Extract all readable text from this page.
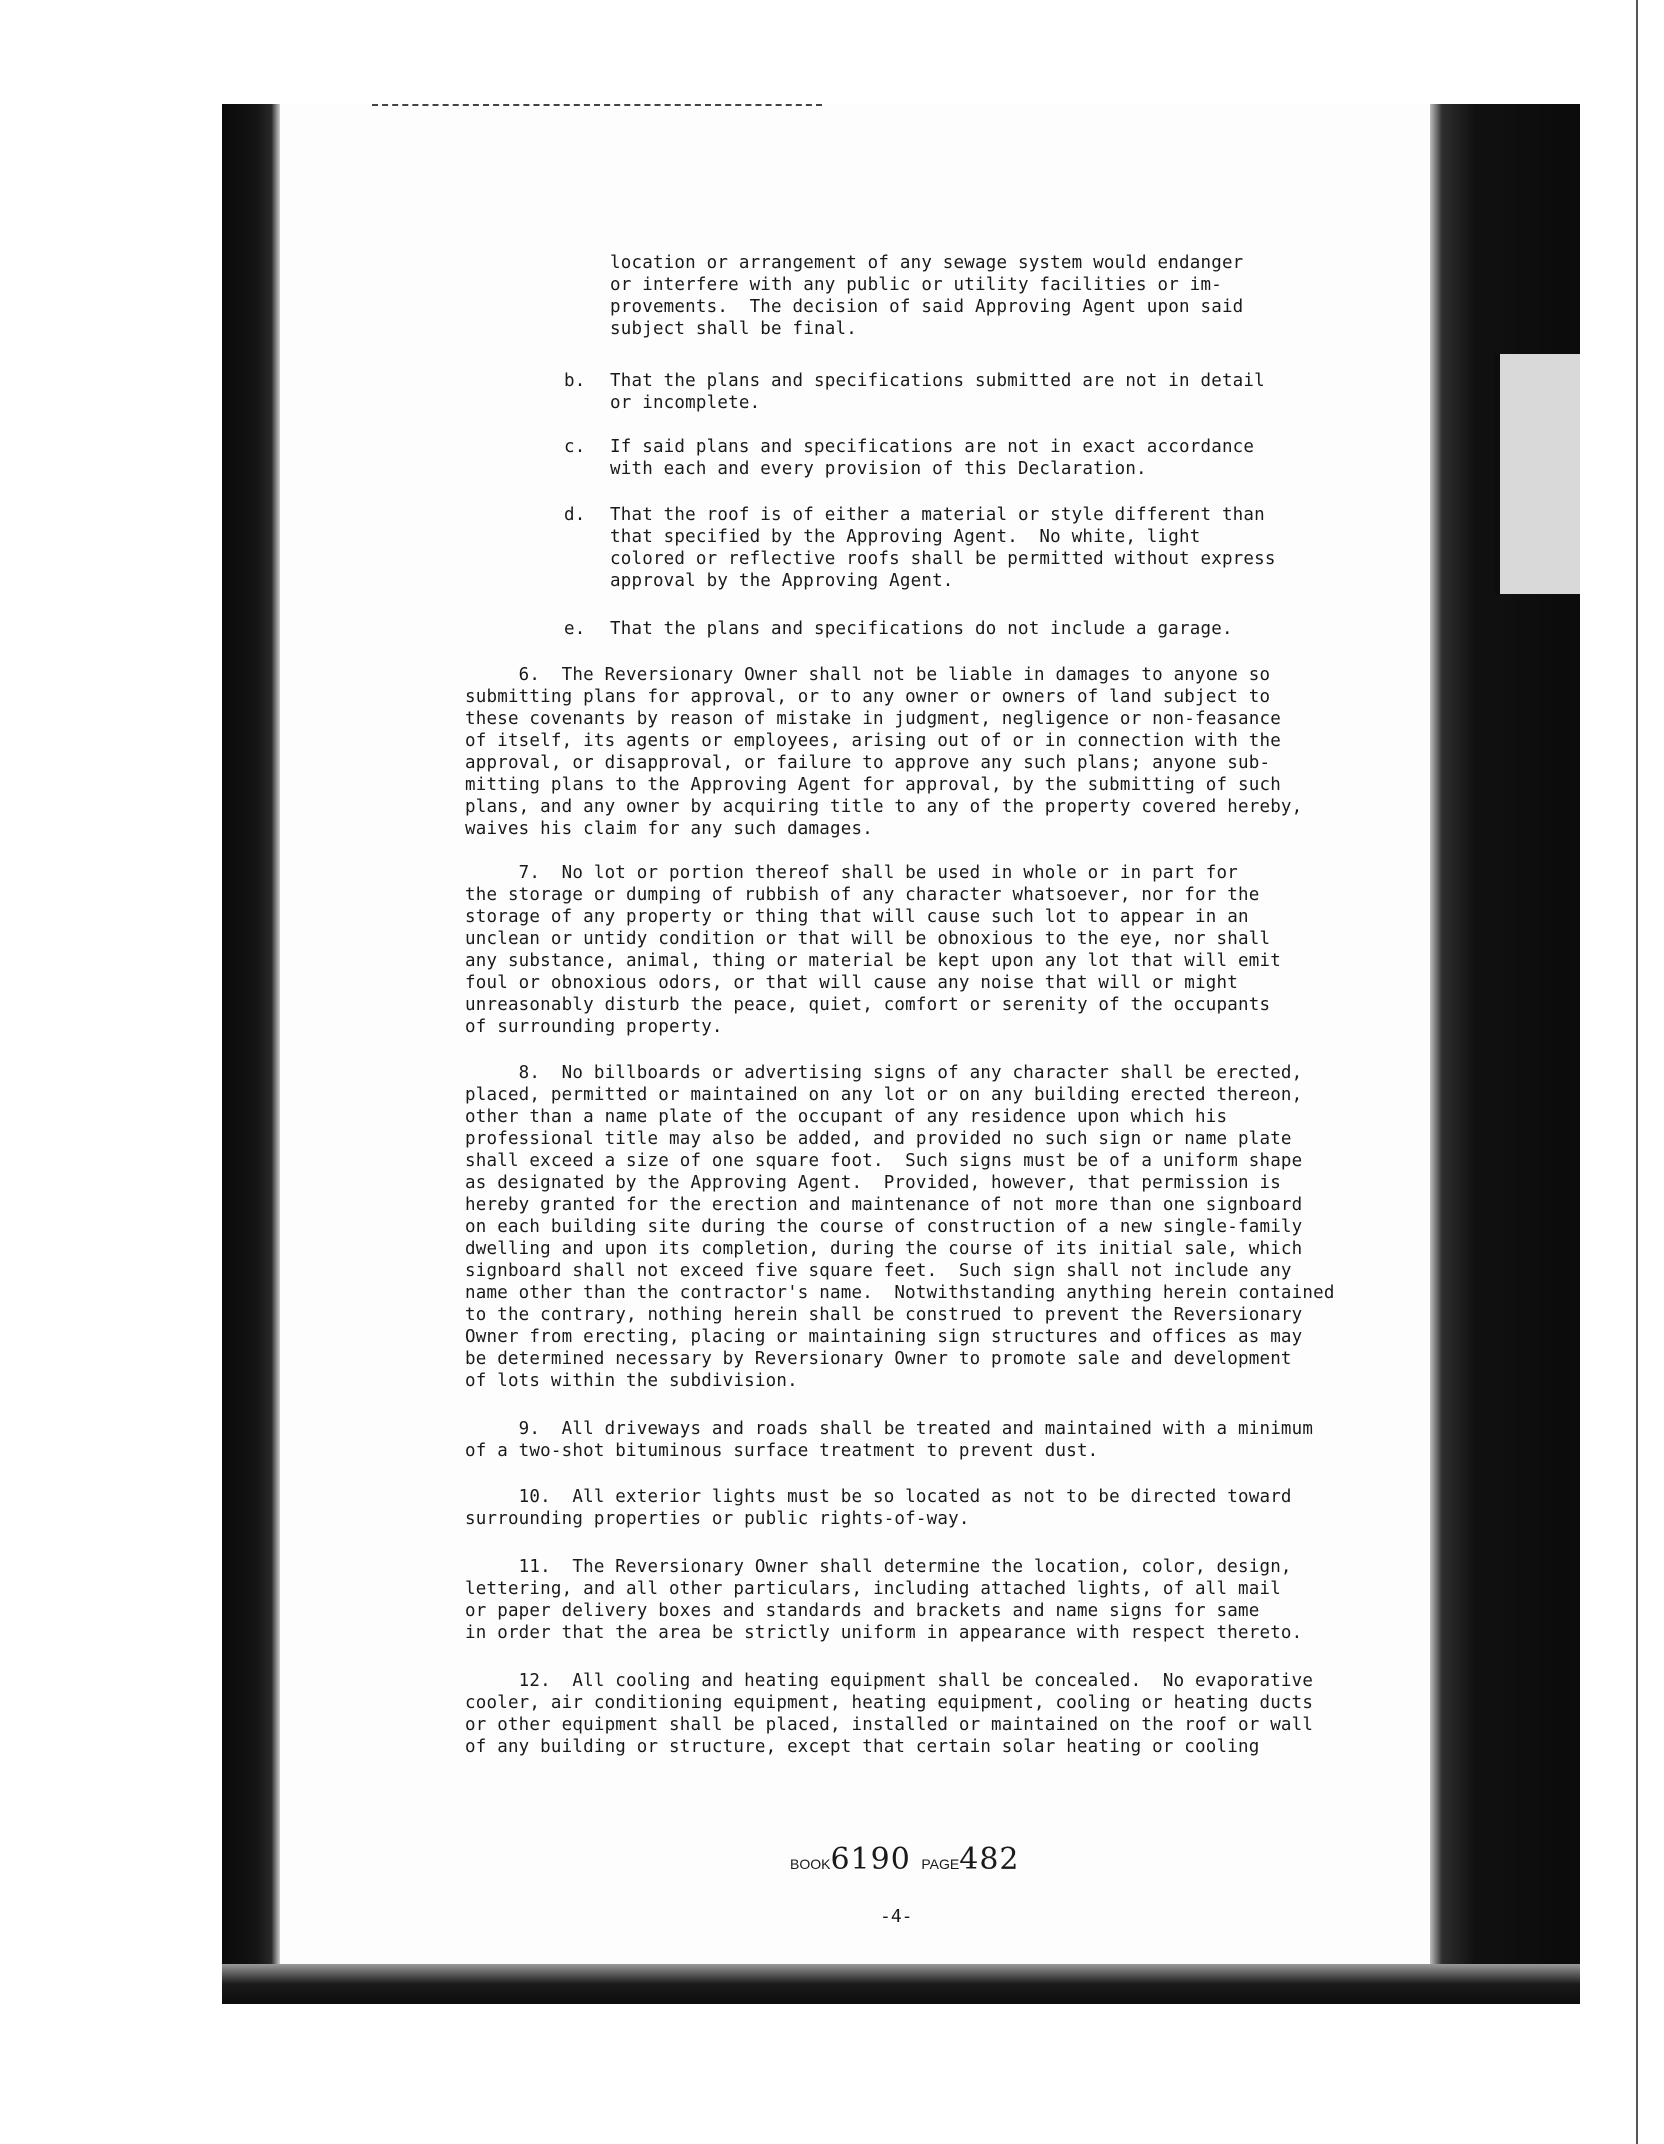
location or arrangement of any sewage system would endanger
or interfere with any public or utility facilities or im-
provements.  The decision of said Approving Agent upon said
subject shall be final.
b. That the plans and specifications submitted are not in detail
or incomplete.
c. If said plans and specifications are not in exact accordance
with each and every provision of this Declaration.
d. That the roof is of either a material or style different than
that specified by the Approving Agent.  No white, light
colored or reflective roofs shall be permitted without express
approval by the Approving Agent.
e. That the plans and specifications do not include a garage.
6.  The Reversionary Owner shall not be liable in damages to anyone so
submitting plans for approval, or to any owner or owners of land subject to
these covenants by reason of mistake in judgment, negligence or non-feasance
of itself, its agents or employees, arising out of or in connection with the
approval, or disapproval, or failure to approve any such plans; anyone sub-
mitting plans to the Approving Agent for approval, by the submitting of such
plans, and any owner by acquiring title to any of the property covered hereby,
waives his claim for any such damages.
7.  No lot or portion thereof shall be used in whole or in part for
the storage or dumping of rubbish of any character whatsoever, nor for the
storage of any property or thing that will cause such lot to appear in an
unclean or untidy condition or that will be obnoxious to the eye, nor shall
any substance, animal, thing or material be kept upon any lot that will emit
foul or obnoxious odors, or that will cause any noise that will or might
unreasonably disturb the peace, quiet, comfort or serenity of the occupants
of surrounding property.
8.  No billboards or advertising signs of any character shall be erected,
placed, permitted or maintained on any lot or on any building erected thereon,
other than a name plate of the occupant of any residence upon which his
professional title may also be added, and provided no such sign or name plate
shall exceed a size of one square foot.  Such signs must be of a uniform shape
as designated by the Approving Agent.  Provided, however, that permission is
hereby granted for the erection and maintenance of not more than one signboard
on each building site during the course of construction of a new single-family
dwelling and upon its completion, during the course of its initial sale, which
signboard shall not exceed five square feet.  Such sign shall not include any
name other than the contractor's name.  Notwithstanding anything herein contained
to the contrary, nothing herein shall be construed to prevent the Reversionary
Owner from erecting, placing or maintaining sign structures and offices as may
be determined necessary by Reversionary Owner to promote sale and development
of lots within the subdivision.
9.  All driveways and roads shall be treated and maintained with a minimum
of a two-shot bituminous surface treatment to prevent dust.
10.  All exterior lights must be so located as not to be directed toward
surrounding properties or public rights-of-way.
11.  The Reversionary Owner shall determine the location, color, design,
lettering, and all other particulars, including attached lights, of all mail
or paper delivery boxes and standards and brackets and name signs for same
in order that the area be strictly uniform in appearance with respect thereto.
12.  All cooling and heating equipment shall be concealed.  No evaporative
cooler, air conditioning equipment, heating equipment, cooling or heating ducts
or other equipment shall be placed, installed or maintained on the roof or wall
of any building or structure, except that certain solar heating or cooling
BOOK6190 PAGE482
-4-
